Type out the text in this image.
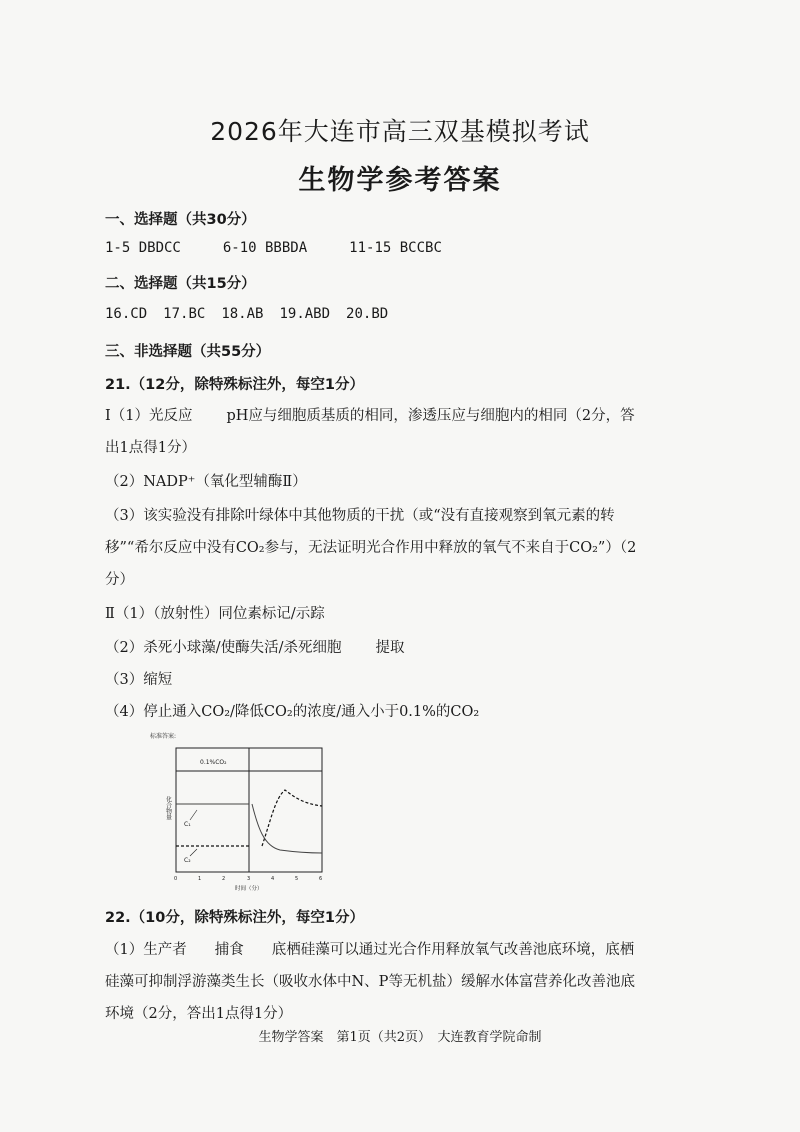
2026年大连市高三双基模拟考试
生物学参考答案
一、选择题（共30分）
1-5 DBDCC	6-10 BBBDA	11-15 BCCBC
二、选择题（共15分）
16.CD 17.BC 18.AB 19.ABD 20.BD
三、非选择题（共55分）
21.（12分，除特殊标注外，每空1分）
Ⅰ（1）光反应 pH应与细胞质基质的相同，渗透压应与细胞内的相同（2分，答
出1点得1分）
（2）NADP⁺（氧化型辅酶Ⅱ）
（3）该实验没有排除叶绿体中其他物质的干扰（或“没有直接观察到氧元素的转
移”“希尔反应中没有CO₂参与，无法证明光合作用中释放的氧气不来自于CO₂”）（2
分）
Ⅱ（1）（放射性）同位素标记/示踪
（2）杀死小球藻/使酶失活/杀死细胞 提取
（3）缩短
（4）停止通入CO₂/降低CO₂的浓度/通入小于0.1%的CO₂
标准答案:
0.1%CO₂
化合物量
C₁
C₂
0	1	2	3	4	5	6
时间（分）
22.（10分，除特殊标注外，每空1分）
（1）生产者 捕食 底栖硅藻可以通过光合作用释放氧气改善池底环境，底栖
硅藻可抑制浮游藻类生长（吸收水体中N、P等无机盐）缓解水体富营养化改善池底
环境（2分，答出1点得1分）
生物学答案　第1页（共2页）　大连教育学院命制
